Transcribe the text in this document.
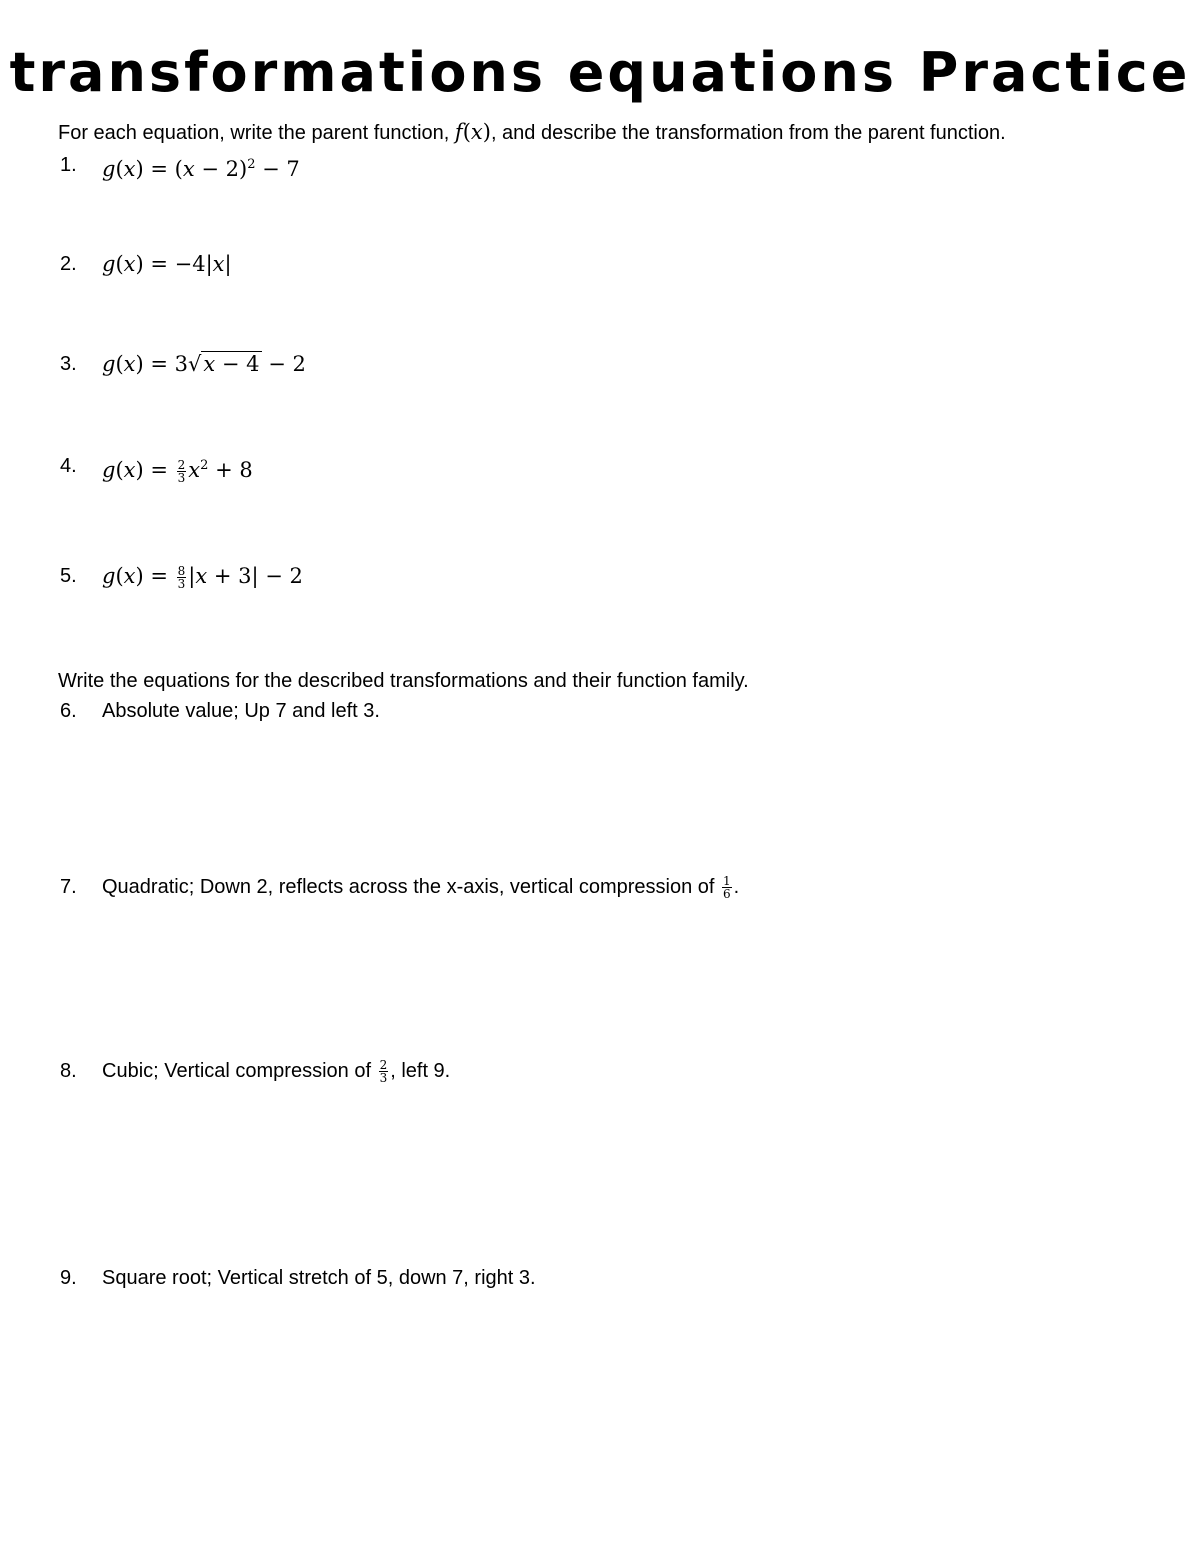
transformations equations Practice
For each equation, write the parent function, f(x), and describe the transformation from the parent function.
1.	$g(x) = (x - 2)^2 - 7$
2.	g(x) = −4|x|
3.	g(x) = 3√x − 4 − 2
4.	$g(x) = \frac{2}{3} x^2 + 8$
5.	$g(x) = \frac{8}{3} |x + 3| - 2$
Write the equations for the described transformations and their function family.
6.	Absolute value; Up 7 and left 3.
7.	Quadratic; Down 2, reflects across the x-axis, vertical compression of $\frac{1}{6}$ .
8.	Cubic; Vertical compression of $\frac{2}{3}$ , left 9.
9.	Square root; Vertical stretch of 5, down 7, right 3.
